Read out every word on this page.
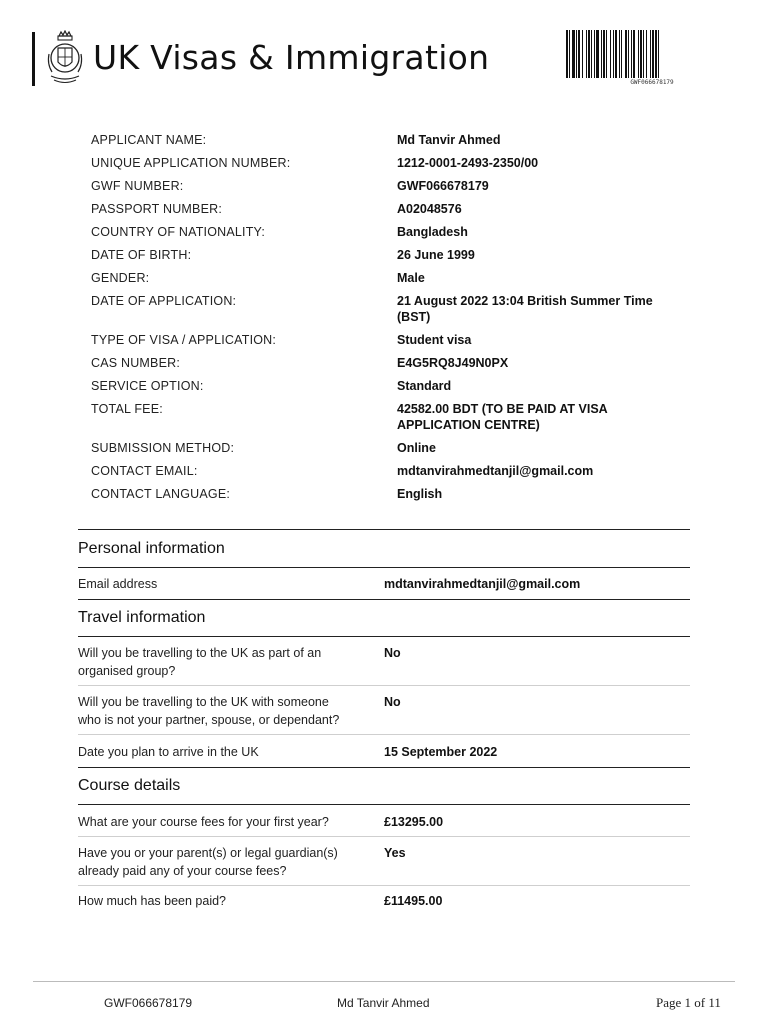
UK Visas & Immigration
GWF066678179
APPLICANT NAME:	Md Tanvir Ahmed
UNIQUE APPLICATION NUMBER:	1212-0001-2493-2350/00
GWF NUMBER:	GWF066678179
PASSPORT NUMBER:	A02048576
COUNTRY OF NATIONALITY:	Bangladesh
DATE OF BIRTH:	26 June 1999
GENDER:	Male
DATE OF APPLICATION:	21 August 2022 13:04 British Summer Time (BST)
TYPE OF VISA / APPLICATION:	Student visa
CAS NUMBER:	E4G5RQ8J49N0PX
SERVICE OPTION:	Standard
TOTAL FEE:	42582.00 BDT (TO BE PAID AT VISA APPLICATION CENTRE)
SUBMISSION METHOD:	Online
CONTACT EMAIL:	mdtanvirahmedtanjil@gmail.com
CONTACT LANGUAGE:	English
Personal information
Email address	mdtanvirahmedtanjil@gmail.com
Travel information
Will you be travelling to the UK as part of an organised group?
No
Will you be travelling to the UK with someone who is not your partner, spouse, or dependant?
No
Date you plan to arrive in the UK	15 September 2022
Course details
What are your course fees for your first year?	£13295.00
Have you or your parent(s) or legal guardian(s) already paid any of your course fees?
Yes
How much has been paid?	£11495.00
GWF066678179	Md Tanvir Ahmed	Page 1 of 11
